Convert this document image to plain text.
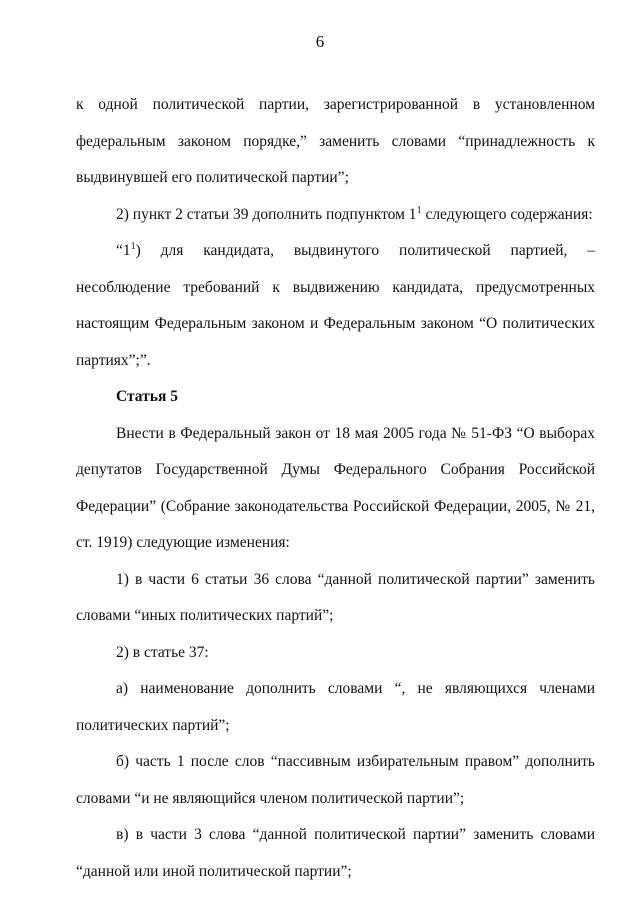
6

к одной политической партии, зарегистрированной в установленном федеральным законом порядке,” заменить словами “принадлежность к выдвинувшей его политической партии”;

2) пункт 2 статьи 39 дополнить подпунктом $1^1$ следующего содержания:

“$1^1$) для кандидата, выдвинутого политической партией, – несоблюдение требований к выдвижению кандидата, предусмотренных настоящим Федеральным законом и Федеральным законом “О политических партиях”;”.

Статья 5

Внести в Федеральный закон от 18 мая 2005 года № 51-ФЗ “О выборах депутатов Государственной Думы Федерального Собрания Российской Федерации” (Собрание законодательства Российской Федерации, 2005, № 21, ст. 1919) следующие изменения:

1) в части 6 статьи 36 слова “данной политической партии” заменить словами “иных политических партий”;

2) в статье 37:

а) наименование дополнить словами “, не являющихся членами политических партий”;

б) часть 1 после слов “пассивным избирательным правом” дополнить словами “и не являющийся членом политической партии”;

в) в части 3 слова “данной политической партии” заменить словами “данной или иной политической партии”;
